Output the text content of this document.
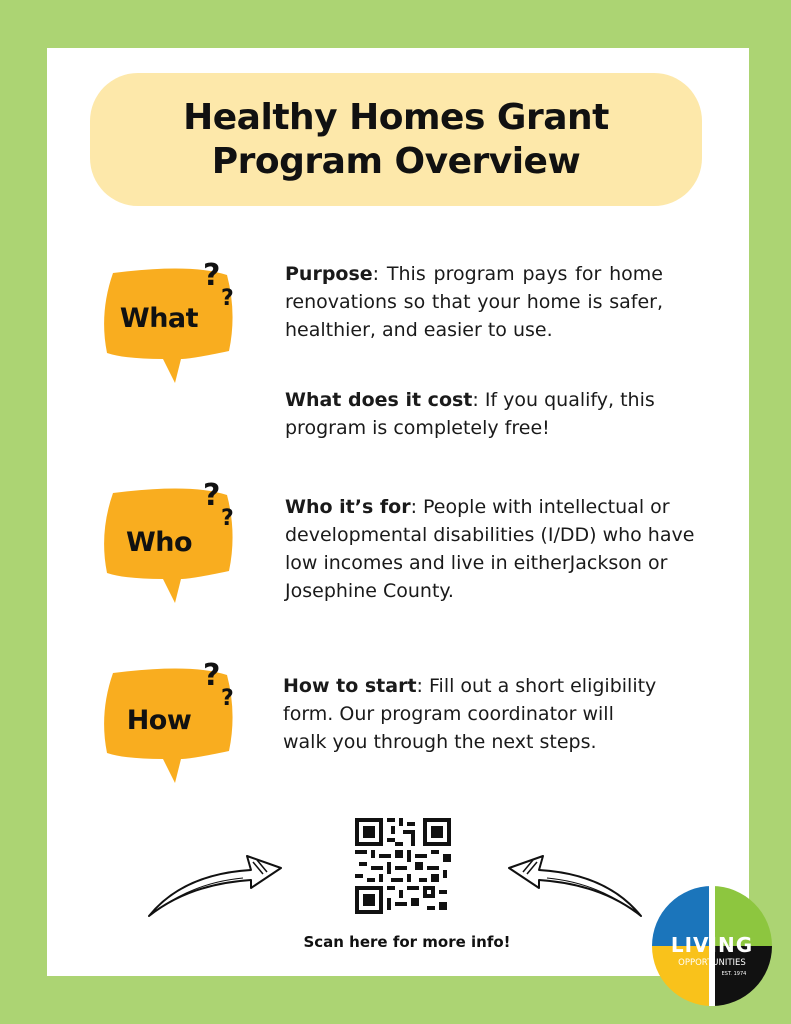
Healthy Homes Grant
Program Overview
?
?
What

Purpose: This program pays for home renovations so that your home is safer, healthier, and easier to use.

What does it cost: If you qualify, this program is completely free!

?
?
Who

Who it’s for: People with intellectual or developmental disabilities (I/DD) who have low incomes and live in eitherJackson or Josephine County.

?
?
How

How to start: Fill out a short eligibility form. Our program coordinator will walk you through the next steps.

Scan here for more info!	LIVING
OPPORTUNITIES
EST. 1974
